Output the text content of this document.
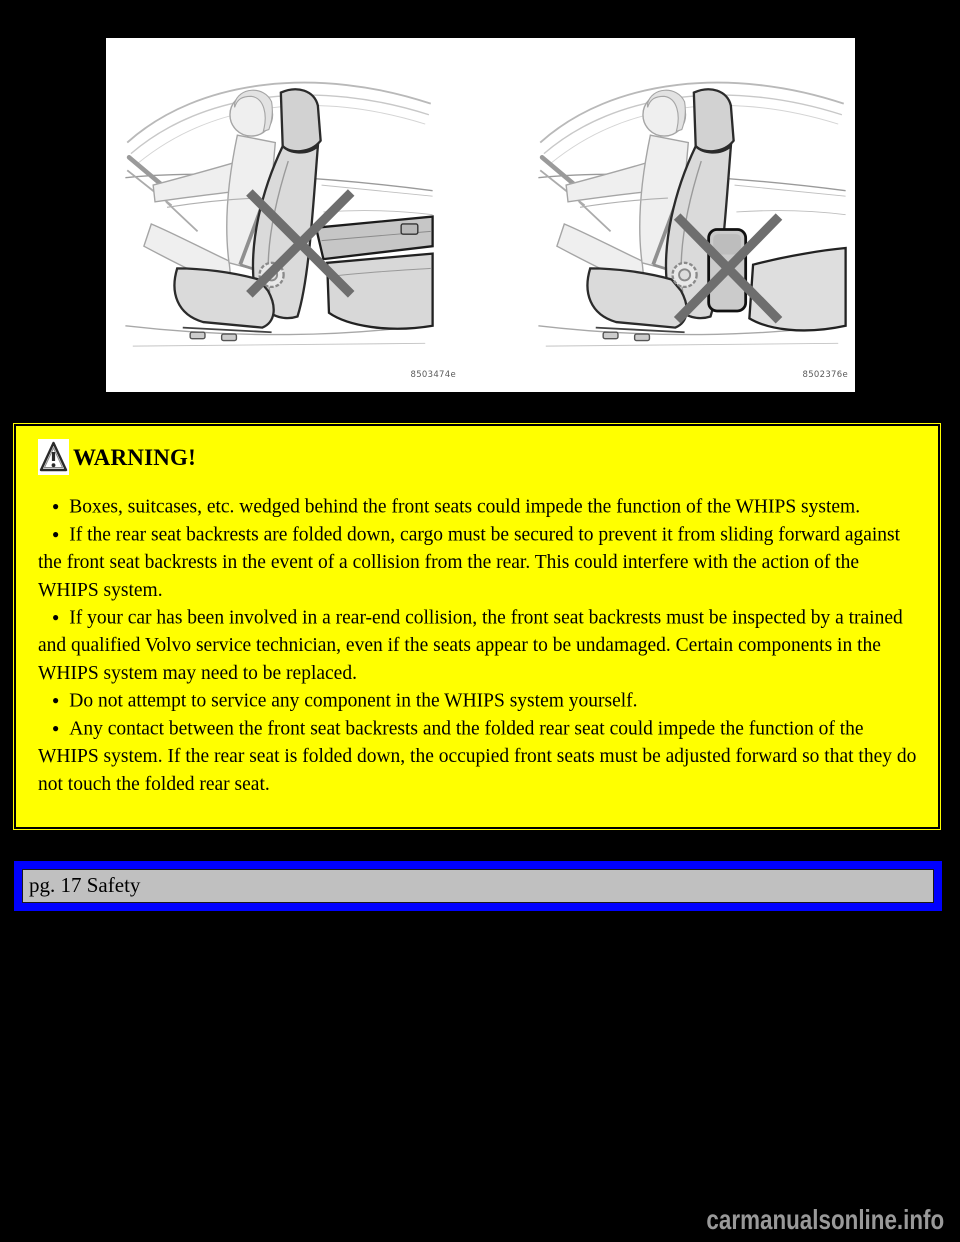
8503474e	8502376e
WARNING!

● Boxes, suitcases, etc. wedged behind the front seats could impede the function of the WHIPS system.

● If the rear seat backrests are folded down, cargo must be secured to prevent it from sliding forward against the front seat backrests in the event of a collision from the rear. This could interfere with the action of the WHIPS system.

● If your car has been involved in a rear-end collision, the front seat backrests must be inspected by a trained and qualified Volvo service technician, even if the seats appear to be undamaged. Certain components in the WHIPS system may need to be replaced.

● Do not attempt to service any component in the WHIPS system yourself.

● Any contact between the front seat backrests and the folded rear seat could impede the function of the WHIPS system. If the rear seat is folded down, the occupied front seats must be adjusted forward so that they do not touch the folded rear seat.

pg. 17 Safety
carmanualsonline.info
